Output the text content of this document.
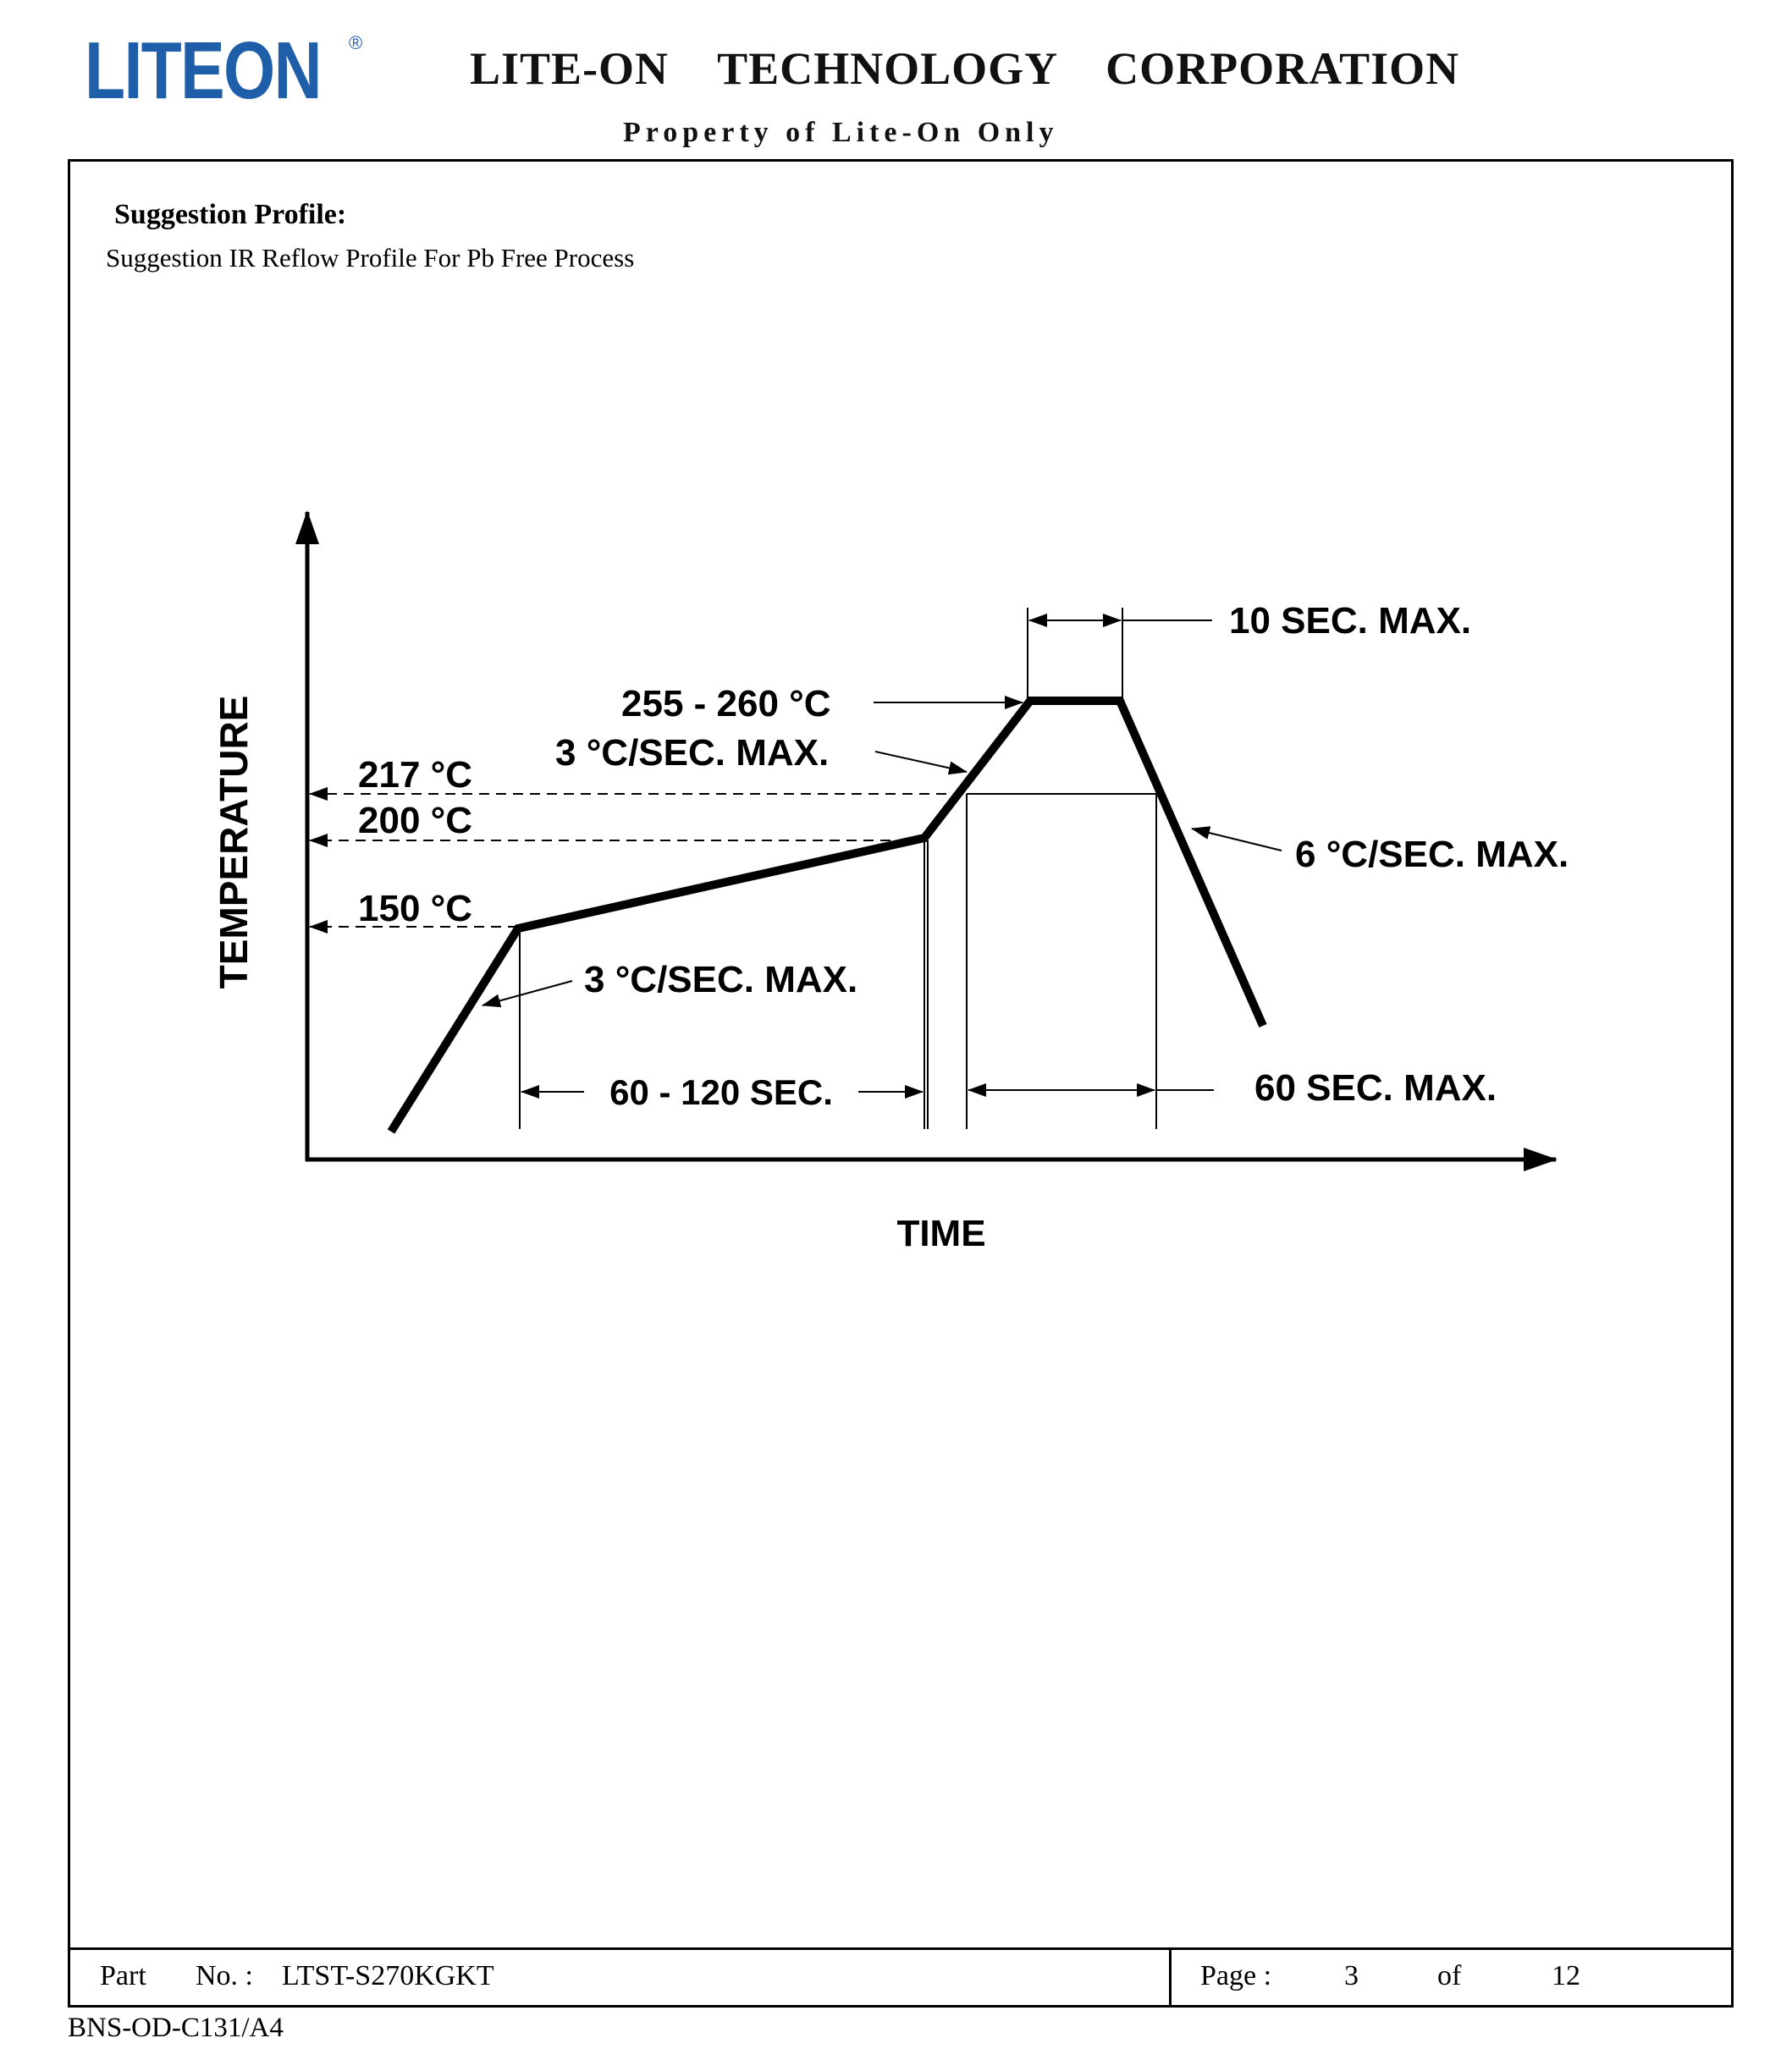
LITEON ®
LITE-ON    TECHNOLOGY    CORPORATION
Property of Lite-On Only
Suggestion Profile:
Suggestion IR Reflow Profile For Pb Free Process
Part No. : LTST-S270KGKT	Page :	3	of	12
TEMPERATURE
TIME
217 °C
200 °C
150 °C
10 SEC. MAX.
255 - 260 °C
3 °C/SEC. MAX.
6 °C/SEC. MAX.
3 °C/SEC. MAX.
60 - 120 SEC.	60 SEC. MAX.
BNS-OD-C131/A4
